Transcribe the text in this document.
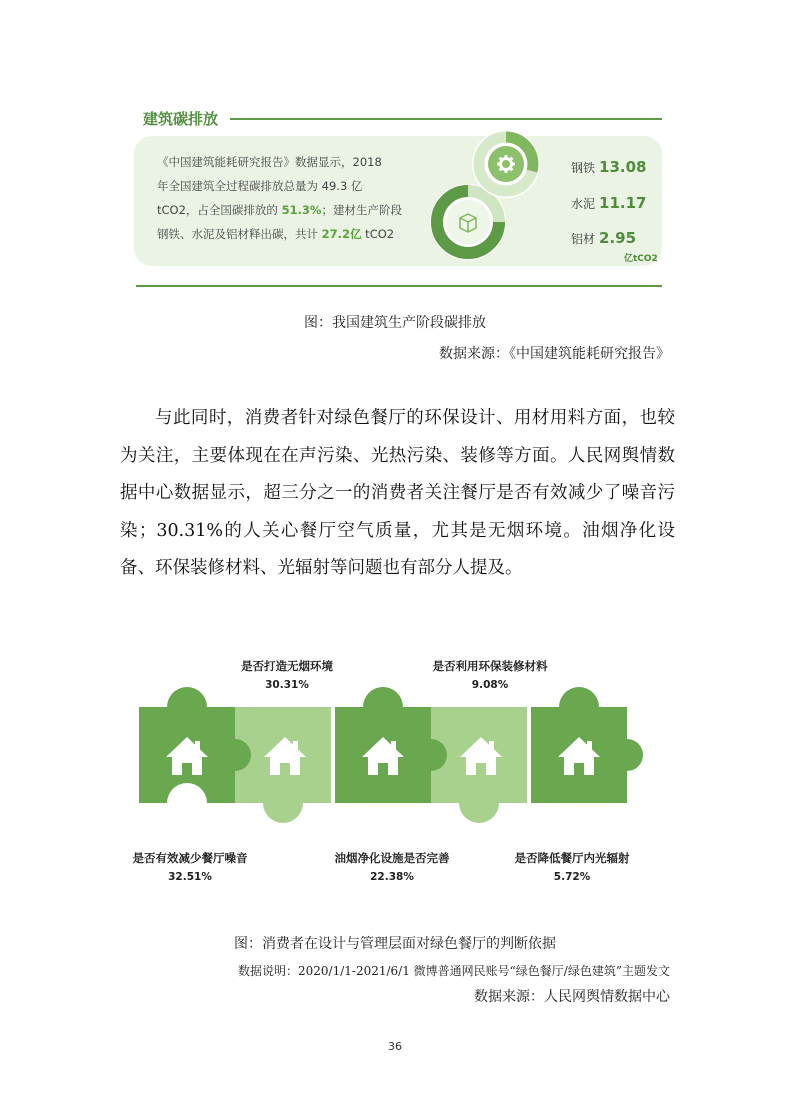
建筑碳排放
《中国建筑能耗研究报告》数据显示，2018
年全国建筑全过程碳排放总量为 49.3 亿
tCO2，占全国碳排放的 51.3%；建材生产阶段
钢铁、水泥及铝材释出碳，共计 27.2亿 tCO2
钢铁 13.08
水泥 11.17
铝材 2.95
亿tCO2
图：我国建筑生产阶段碳排放
数据来源：《中国建筑能耗研究报告》
与此同时，消费者针对绿色餐厅的环保设计、用材用料方面，也较为关注，主要体现在在声污染、光热污染、装修等方面。人民网舆情数据中心数据显示，超三分之一的消费者关注餐厅是否有效减少了噪音污染；30.31%的人关心餐厅空气质量，尤其是无烟环境。油烟净化设备、环保装修材料、光辐射等问题也有部分人提及。
是否打造无烟环境
30.31%
是否利用环保装修材料
9.08%
是否有效减少餐厅噪音
32.51%
油烟净化设施是否完善
22.38%
是否降低餐厅内光辐射
5.72%
图：消费者在设计与管理层面对绿色餐厅的判断依据
数据说明：2020/1/1-2021/6/1 微博普通网民账号“绿色餐厅/绿色建筑”主题发文
数据来源：人民网舆情数据中心
36
